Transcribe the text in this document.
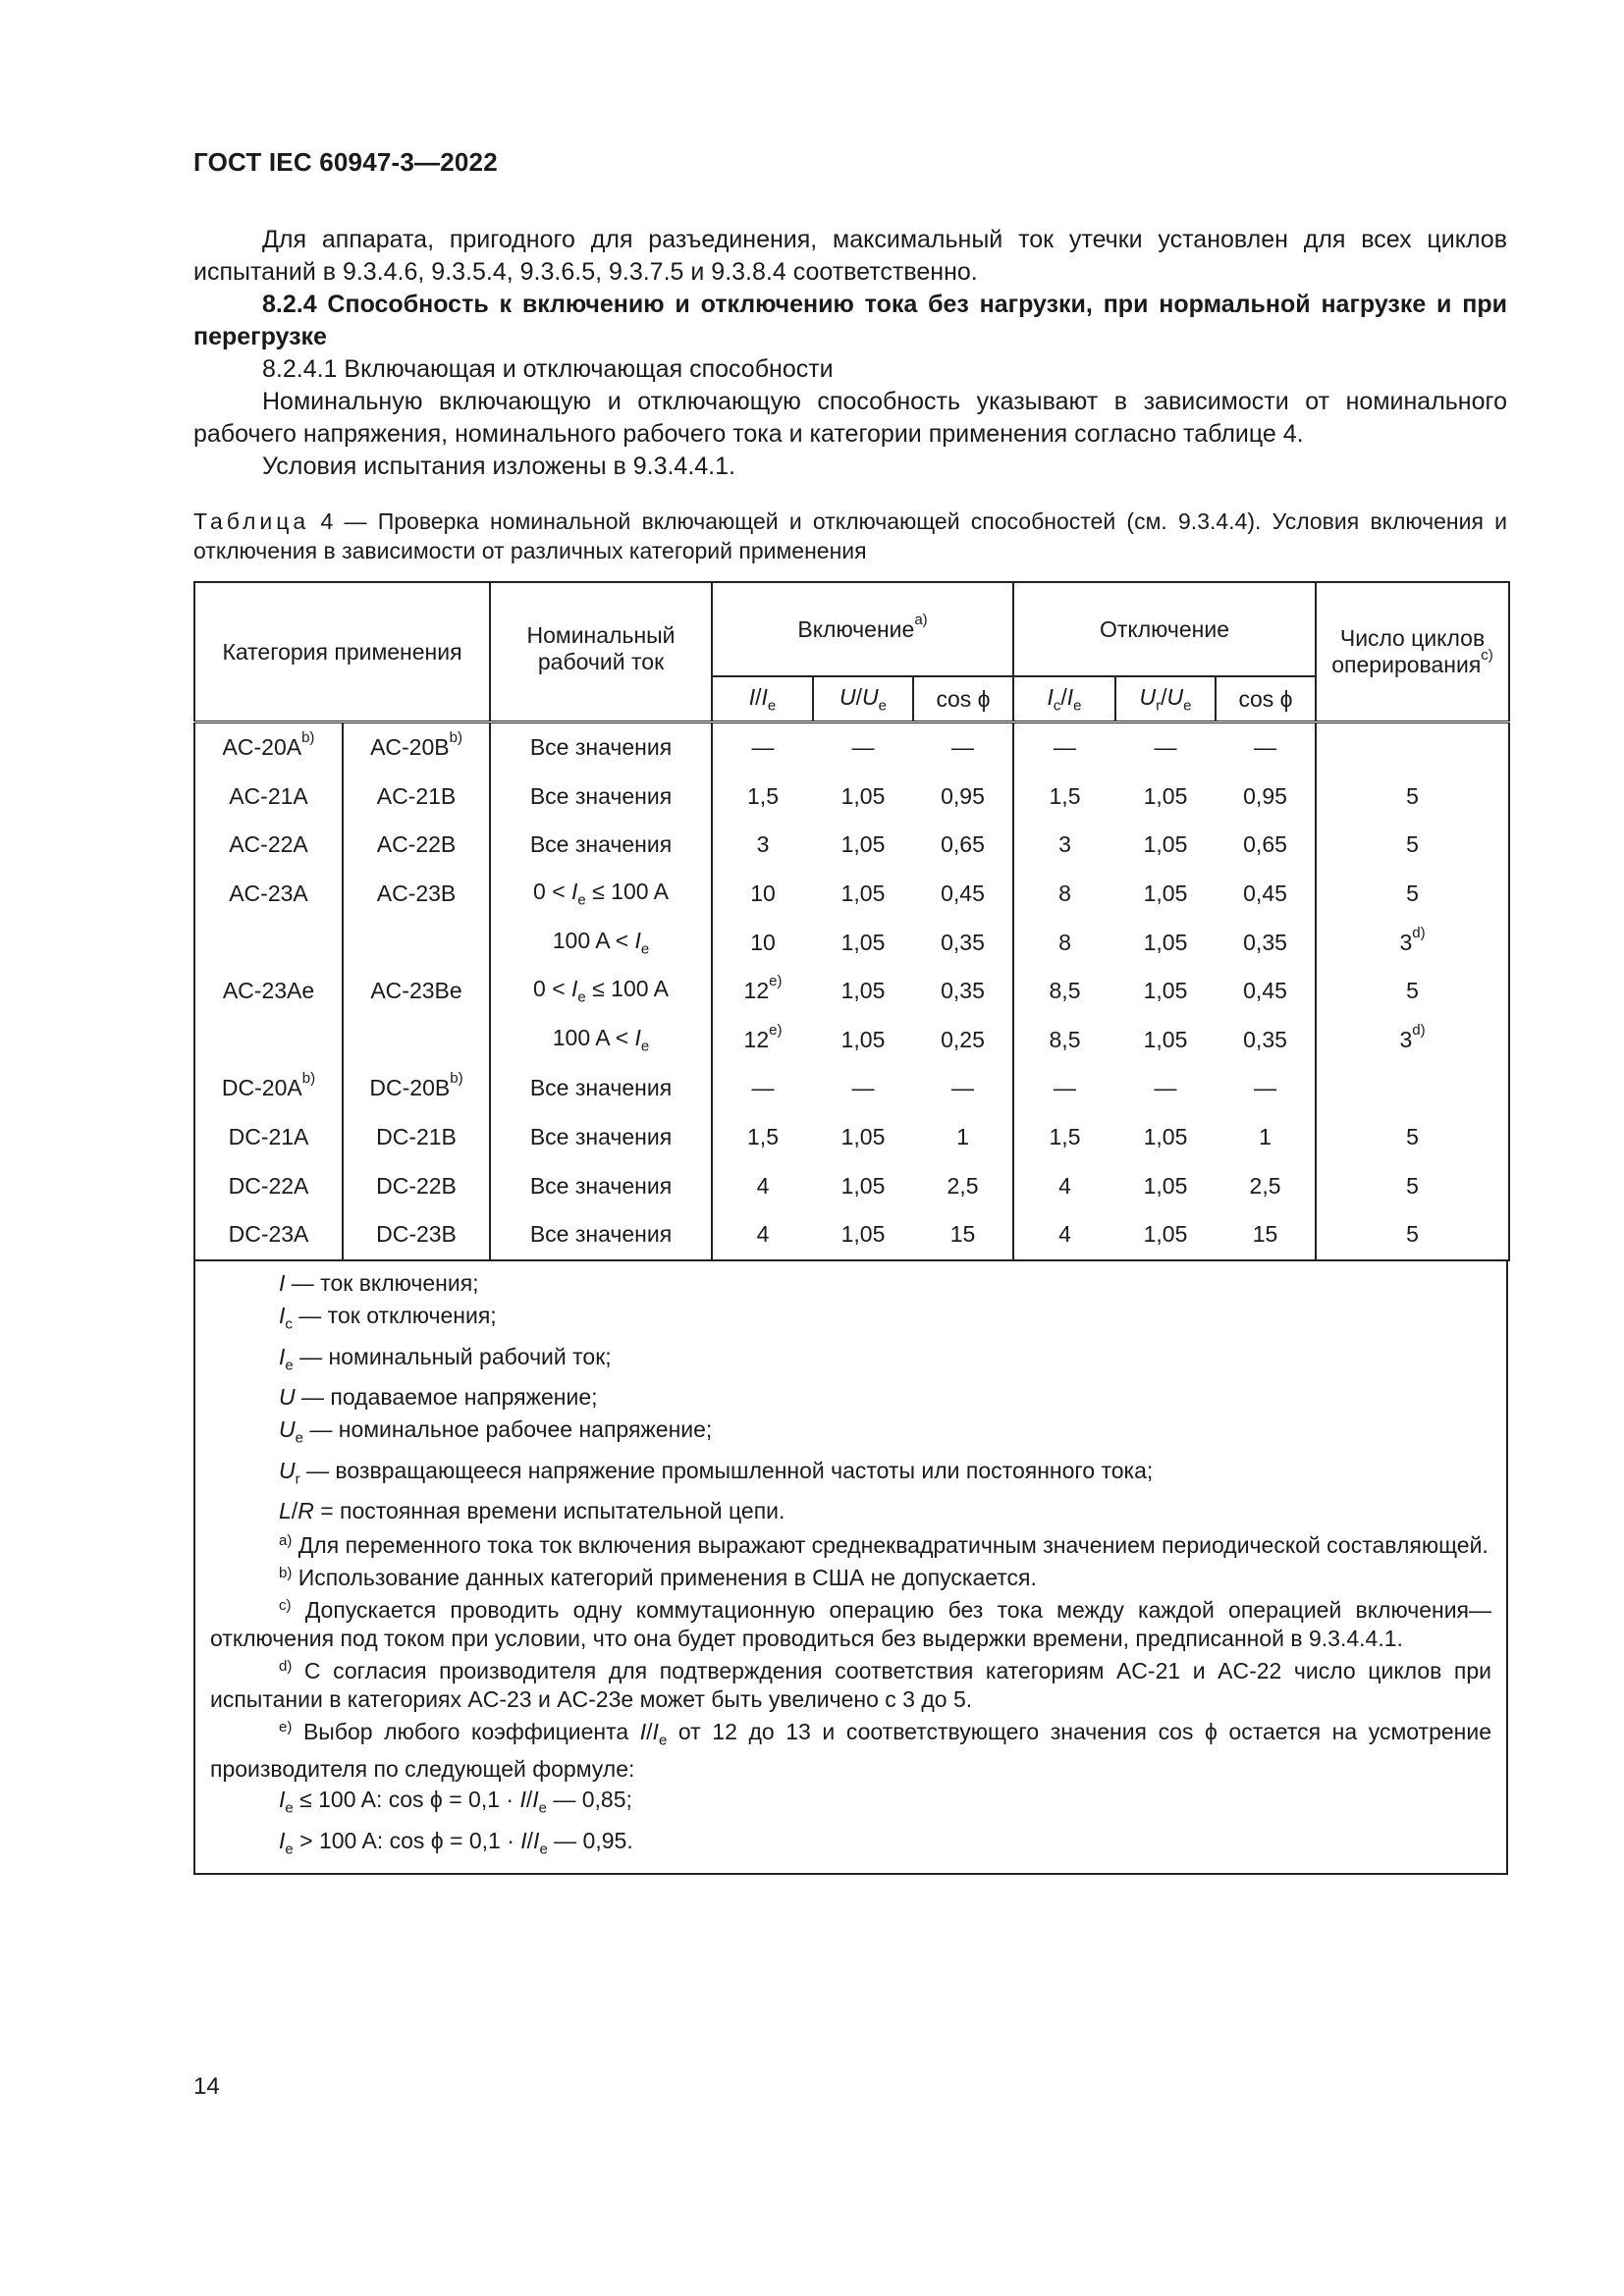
ГОСТ IEC 60947-3—2022

Для аппарата, пригодного для разъединения, максимальный ток утечки установлен для всех циклов испытаний в 9.3.4.6, 9.3.5.4, 9.3.6.5, 9.3.7.5 и 9.3.8.4 соответственно.

8.2.4 Способность к включению и отключению тока без нагрузки, при нормальной нагрузке и при перегрузке

8.2.4.1 Включающая и отключающая способности

Номинальную включающую и отключающую способность указывают в зависимости от номинального рабочего напряжения, номинального рабочего тока и категории применения согласно таблице 4.

Условия испытания изложены в 9.3.4.4.1.

Таблица 4 — Проверка номинальной включающей и отключающей способностей (см. 9.3.4.4). Условия включения и отключения в зависимости от различных категорий применения
Категория применения		Номинальный рабочий ток	Включение$^{a)}$			Отключение			Числo циклов оперирования$^{c)}$
			$I/I_e$	$U/U_e$	cos ϕ	$I_c/I_e$	$U_r/U_e$	cos ϕ	

$AC-20A^{b)}$	$AC-20B^{b)}$	Все значения	—	—	—	—	—	—	
AC-21A	AC-21B	Все значения	1,5	1,05	0,95	1,5	1,05	0,95	5
AC-22A	AC-22B	Все значения	3	1,05	0,65	3	1,05	0,65	5
AC-23A	AC-23B	$0 < I_e \le 100$ A	10	1,05	0,45	8	1,05	0,45	5
		100 $A < I_e$	10	1,05	0,35	8	1,05	0,35	3$^{d)}$
AC-23Ae	AC-23Be	$0 < I_e \le 100$ A	12$^{e)}$	1,05	0,35	8,5	1,05	0,45	5
		100 $A < I_e$	12$^{e)}$	1,05	0,25	8,5	1,05	0,35	3$^{d)}$
$DC-20A^{b)}$	$DC-20B^{b)}$	Все значения	—	—	—	—	—	—	
DC-21A	DC-21B	Все значения	1,5	1,05	1	1,5	1,05	1	5
DC-22A	DC-22B	Все значения	4	1,05	2,5	4	1,05	2,5	5
DC-23A	DC-23B	Все значения	4	1,05	15	4	1,05	15	5

I — ток включения;

$I_c$ — ток отключения;

$I_e$ — номинальный рабочий ток;

U — подаваемое напряжение;

$U_e$ — номинальное рабочее напряжение;

$U_r$ — возвращающееся напряжение промышленной частоты или постоянного тока;

L/R = постоянная времени испытательной цепи.

$^{a)}$ Для переменного тока ток включения выражают среднеквадратичным значением периодической составляющей.

$^{b)}$ Использование данных категорий применения в США не допускается.

$^{c)}$ Допускается проводить одну коммутационную операцию без тока между каждой операцией включения—отключения под током при условии, что она будет проводиться без выдержки времени, предписанной в 9.3.4.4.1.

$^{d)}$ С согласия производителя для подтверждения соответствия категориям AC-21 и AC-22 число циклов при испытании в категориях AC-23 и AC-23е может быть увеличено с 3 до 5.

$^{e)}$ Выбор любого коэффициента $I/I_e$ от 12 до 13 и соответствующего значения cos ϕ остается на усмотрение производителя по следующей формуле:

$I_e \le 100$ A: $\cos \phi = 0,1 \cdot I/I_e$ — 0,85;

$I_e > 100$ A: $\cos \phi = 0,1 \cdot I/I_e$ — 0,95.

14
